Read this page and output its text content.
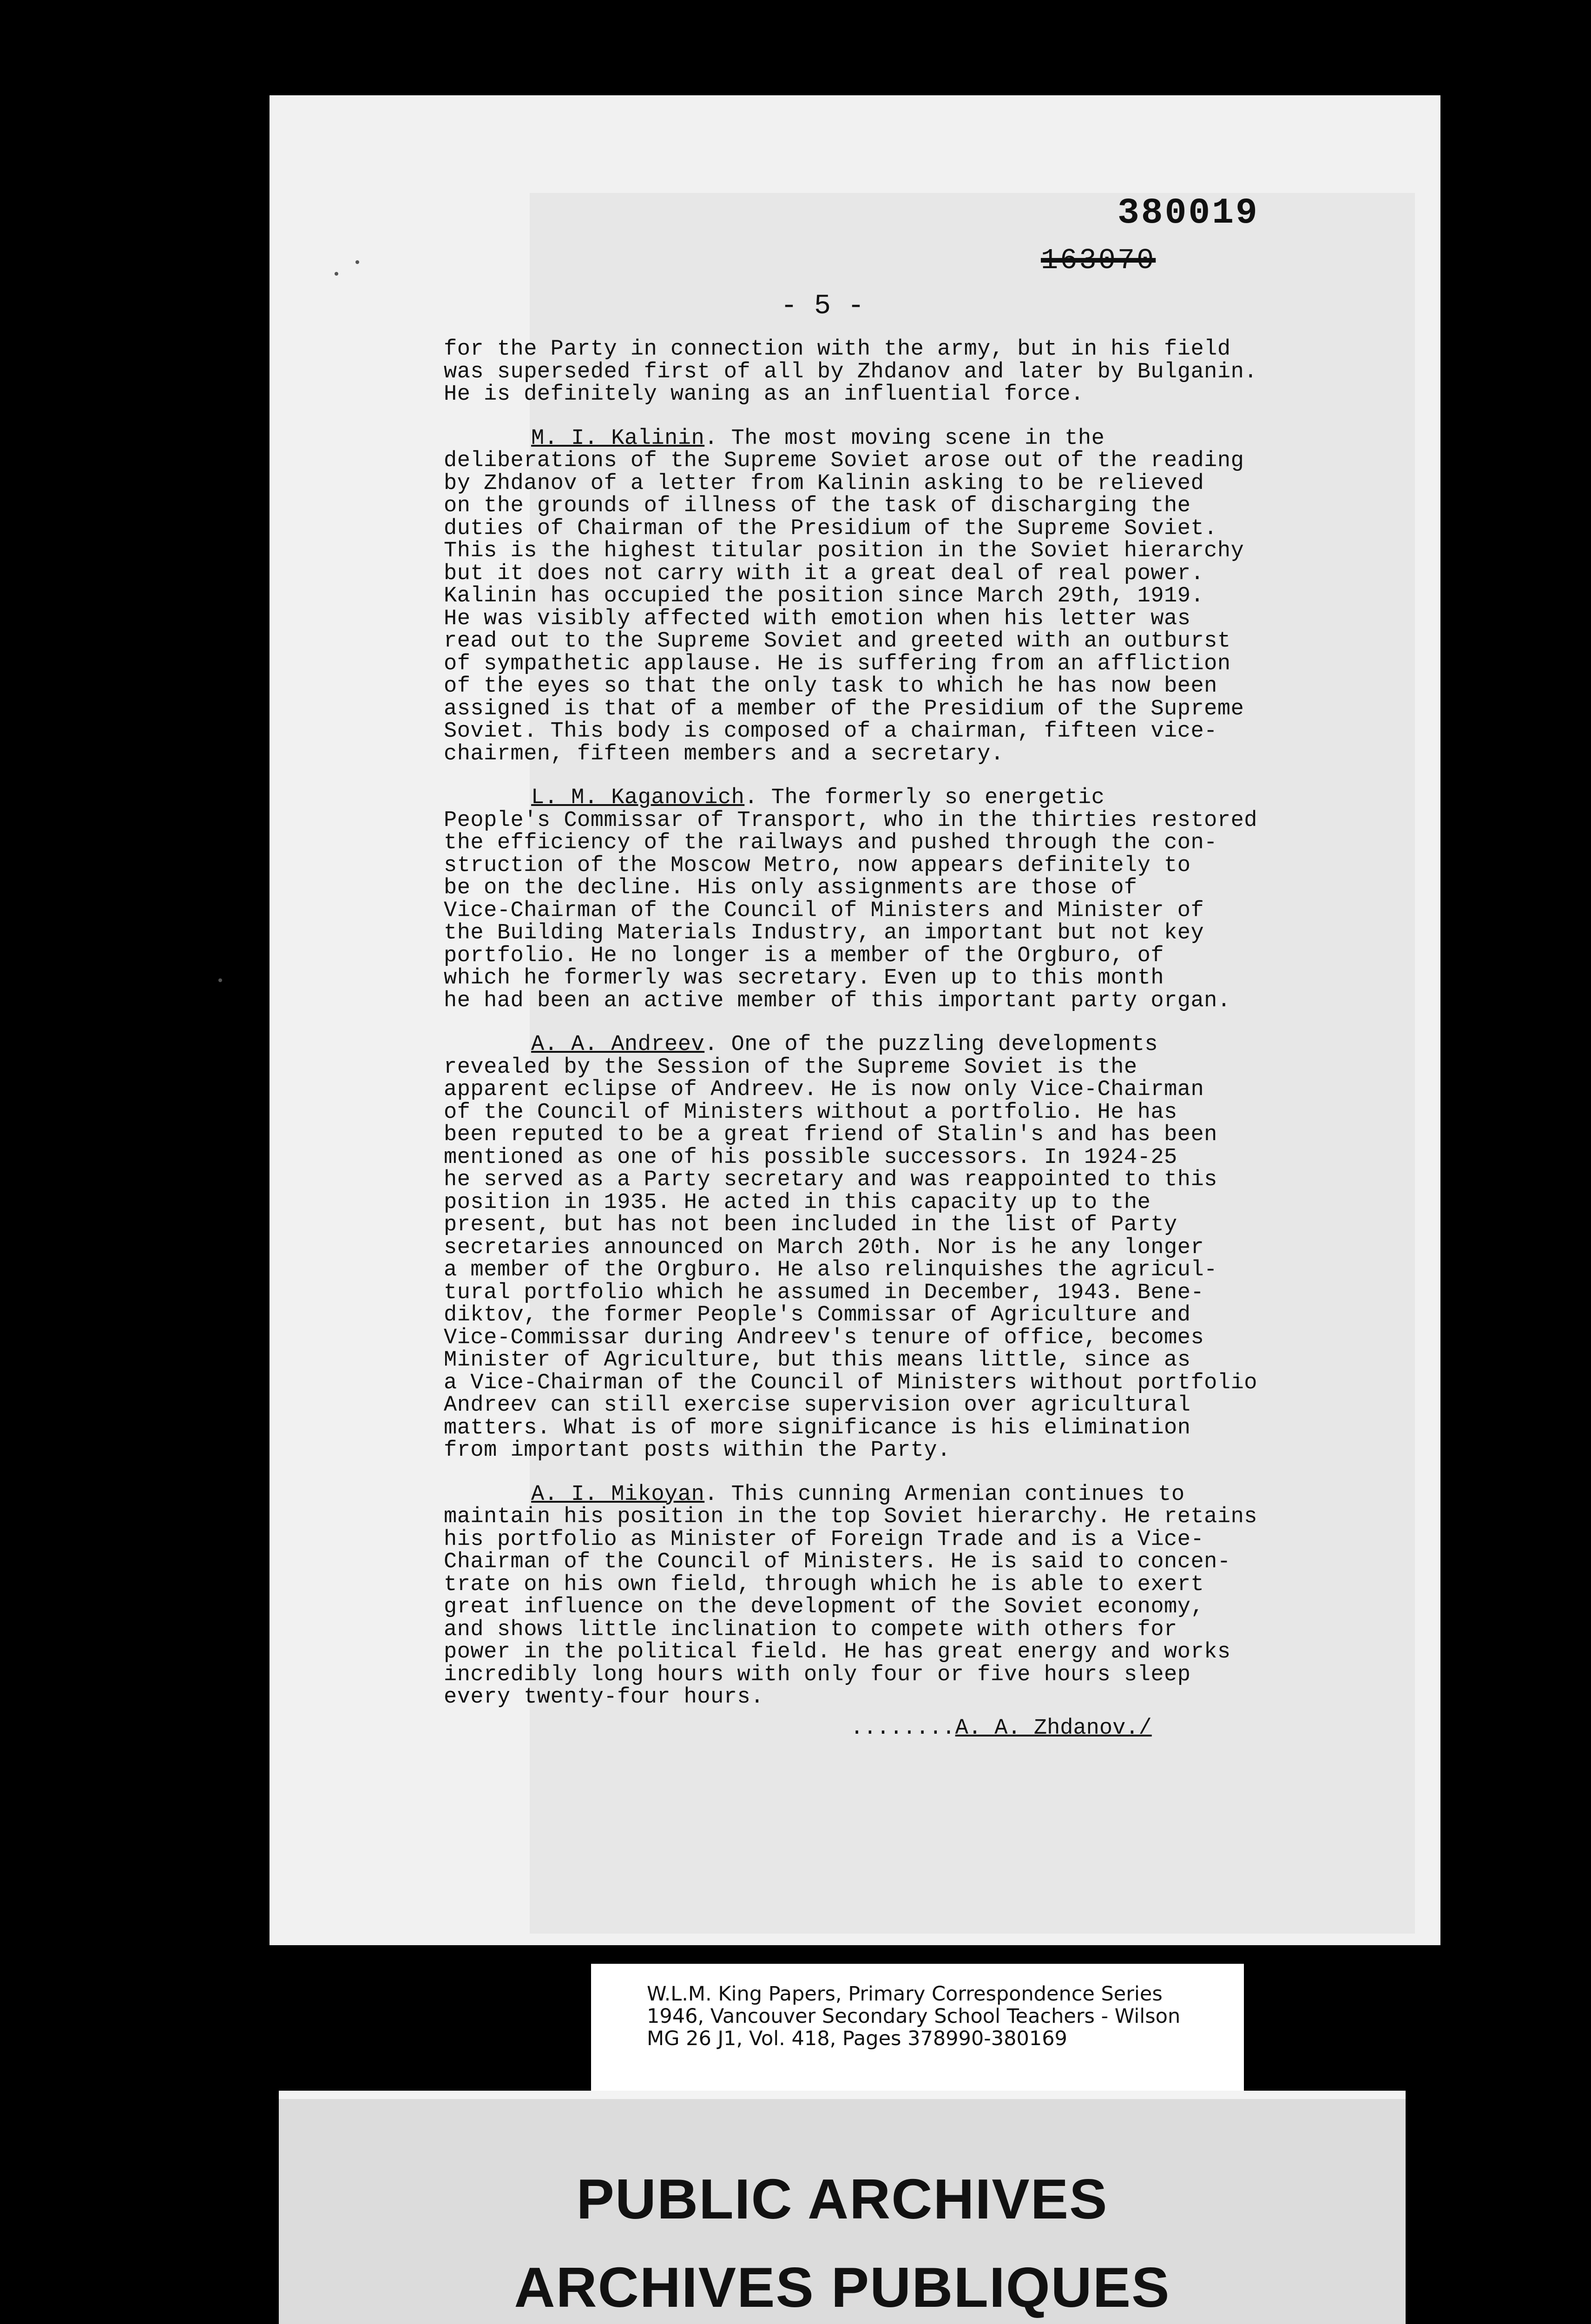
380019
163070
- 5 -

for the Party in connection with the army, but in his field
was superseded first of all by Zhdanov and later by Bulganin.
He is definitely waning as an influential force.

M. I. Kalinin. The most moving scene in the
deliberations of the Supreme Soviet arose out of the reading
by Zhdanov of a letter from Kalinin asking to be relieved
on the grounds of illness of the task of discharging the
duties of Chairman of the Presidium of the Supreme Soviet.
This is the highest titular position in the Soviet hierarchy
but it does not carry with it a great deal of real power.
Kalinin has occupied the position since March 29th, 1919.
He was visibly affected with emotion when his letter was
read out to the Supreme Soviet and greeted with an outburst
of sympathetic applause. He is suffering from an affliction
of the eyes so that the only task to which he has now been
assigned is that of a member of the Presidium of the Supreme
Soviet. This body is composed of a chairman, fifteen vice-
chairmen, fifteen members and a secretary.

L. M. Kaganovich. The formerly so energetic
People's Commissar of Transport, who in the thirties restored
the efficiency of the railways and pushed through the con-
struction of the Moscow Metro, now appears definitely to
be on the decline. His only assignments are those of
Vice-Chairman of the Council of Ministers and Minister of
the Building Materials Industry, an important but not key
portfolio. He no longer is a member of the Orgburo, of
which he formerly was secretary. Even up to this month
he had been an active member of this important party organ.

A. A. Andreev. One of the puzzling developments
revealed by the Session of the Supreme Soviet is the
apparent eclipse of Andreev. He is now only Vice-Chairman
of the Council of Ministers without a portfolio. He has
been reputed to be a great friend of Stalin's and has been
mentioned as one of his possible successors. In 1924-25
he served as a Party secretary and was reappointed to this
position in 1935. He acted in this capacity up to the
present, but has not been included in the list of Party
secretaries announced on March 20th. Nor is he any longer
a member of the Orgburo. He also relinquishes the agricul-
tural portfolio which he assumed in December, 1943. Bene-
diktov, the former People's Commissar of Agriculture and
Vice-Commissar during Andreev's tenure of office, becomes
Minister of Agriculture, but this means little, since as
a Vice-Chairman of the Council of Ministers without portfolio
Andreev can still exercise supervision over agricultural
matters. What is of more significance is his elimination
from important posts within the Party.

A. I. Mikoyan. This cunning Armenian continues to
maintain his position in the top Soviet hierarchy. He retains
his portfolio as Minister of Foreign Trade and is a Vice-
Chairman of the Council of Ministers. He is said to concen-
trate on his own field, through which he is able to exert
great influence on the development of the Soviet economy,
and shows little inclination to compete with others for
power in the political field. He has great energy and works
incredibly long hours with only four or five hours sleep
every twenty-four hours.

........A. A. Zhdanov./
W.L.M. King Papers, Primary Correspondence Series
1946, Vancouver Secondary School Teachers - Wilson
MG 26 J1, Vol. 418, Pages 378990-380169
PUBLIC ARCHIVES
ARCHIVES PUBLIQUES
